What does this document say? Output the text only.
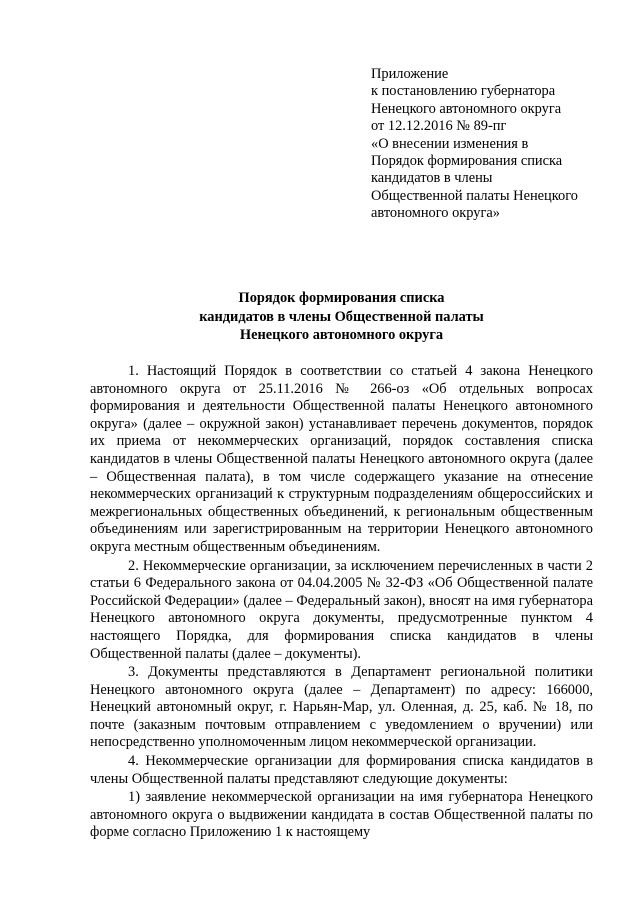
Приложение
к постановлению губернатора
Ненецкого автономного округа
от 12.12.2016 № 89-пг
«О внесении изменения в
Порядок формирования списка
кандидатов в члены
Общественной палаты Ненецкого
автономного округа»
Порядок формирования списка
кандидатов в члены Общественной палаты
Ненецкого автономного округа

1. Настоящий Порядок в соответствии со статьей 4 закона Ненецкого автономного округа от 25.11.2016 № 266-оз «Об отдельных вопросах формирования и деятельности Общественной палаты Ненецкого автономного округа» (далее – окружной закон) устанавливает перечень документов, порядок их приема от некоммерческих организаций, порядок составления списка кандидатов в члены Общественной палаты Ненецкого автономного округа (далее – Общественная палата), в том числе содержащего указание на отнесение некоммерческих организаций к структурным подразделениям общероссийских и межрегиональных общественных объединений, к региональным общественным объединениям или зарегистрированным на территории Ненецкого автономного округа местным общественным объединениям.

2. Некоммерческие организации, за исключением перечисленных в части 2 статьи 6 Федерального закона от 04.04.2005 № 32-ФЗ «Об Общественной палате Российской Федерации» (далее – Федеральный закон), вносят на имя губернатора Ненецкого автономного округа документы, предусмотренные пунктом 4 настоящего Порядка, для формирования списка кандидатов в члены Общественной палаты (далее – документы).

3. Документы представляются в Департамент региональной политики Ненецкого автономного округа (далее – Департамент) по адресу: 166000, Ненецкий автономный округ, г. Нарьян-Мар, ул. Оленная, д. 25, каб. № 18, по почте (заказным почтовым отправлением с уведомлением о вручении) или непосредственно уполномоченным лицом некоммерческой организации.

4. Некоммерческие организации для формирования списка кандидатов в члены Общественной палаты представляют следующие документы:

1) заявление некоммерческой организации на имя губернатора Ненецкого автономного округа о выдвижении кандидата в состав Общественной палаты по форме согласно Приложению 1 к настоящему
